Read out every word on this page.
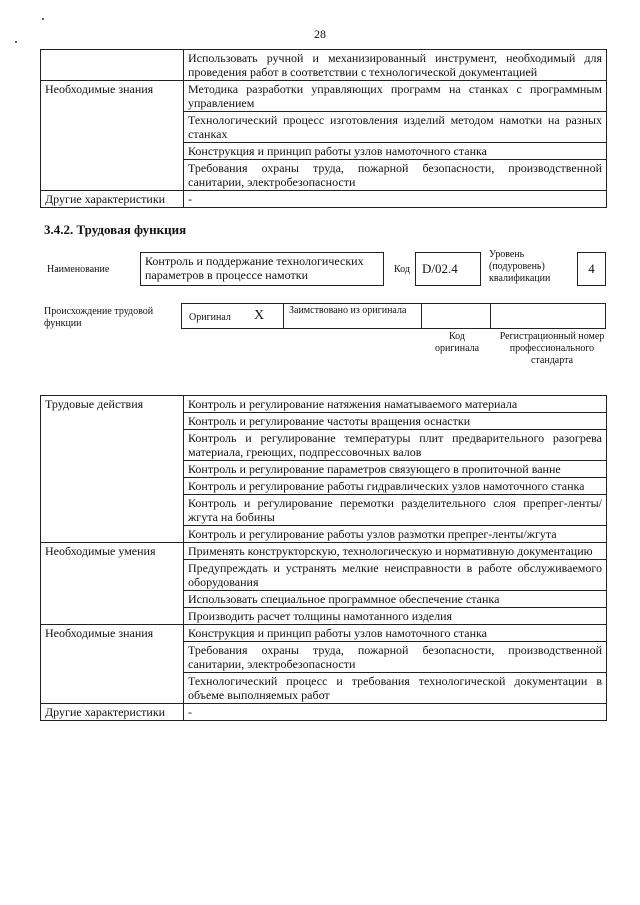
28
	Использовать ручной и механизированный инструмент, необходимый для проведения работ в соответствии с технологической документацией
Необходимые знания	Методика разработки управляющих программ на станках с программным управлением
	Технологический процесс изготовления изделий методом намотки на разных станках
	Конструкция и принцип работы узлов намоточного станка
	Требования охраны труда, пожарной безопасности, производственной санитарии, электробезопасности
Другие характеристики	-
3.4.2. Трудовая функция
Наименование
Контроль и поддержание технологических параметров в процессе намотки	Код D/02.4
Уровень (подуровень) квалификации
4
Происхождение трудовой функции
Оригинал X Заимствовано из оригинала
Код оригинала
Регистрационный номер профессионального стандарта
Трудовые действия	Контроль и регулирование натяжения наматываемого материала
	Контроль и регулирование частоты вращения оснастки
	Контроль и регулирование температуры плит предварительного разогрева материала, греющих, подпрессовочных валов
	Контроль и регулирование параметров связующего в пропиточной ванне
	Контроль и регулирование работы гидравлических узлов намоточного станка
	Контроль и регулирование перемотки разделительного слоя препрег-ленты/жгута на бобины
	Контроль и регулирование работы узлов размотки препрег-ленты/жгута
Необходимые умения	Применять конструкторскую, технологическую и нормативную документацию
	Предупреждать и устранять мелкие неисправности в работе обслуживаемого оборудования
	Использовать специальное программное обеспечение станка
	Производить расчет толщины намотанного изделия
Необходимые знания	Конструкция и принцип работы узлов намоточного станка
	Требования охраны труда, пожарной безопасности, производственной санитарии, электробезопасности
	Технологический процесс и требования технологической документации в объеме выполняемых работ
Другие характеристики	-
